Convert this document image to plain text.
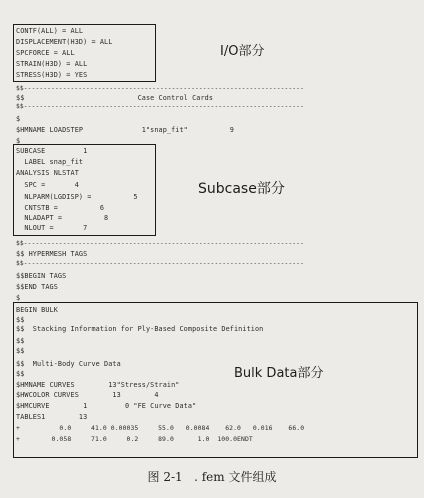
CONTF(ALL) = ALL
DISPLACEMENT(H3D) = ALL
SPCFORCE = ALL
STRAIN(H3D) = ALL
STRESS(H3D) = YES
I/O部分
$$------------------------------------------------------------------------
$$                           Case Control Cards
$$------------------------------------------------------------------------
$
$HMNAME LOADSTEP              1"snap_fit"          9
$
SUBCASE         1
LABEL snap_fit
ANALYSIS NLSTAT
SPC =       4
NLPARM(LGDISP) =          5
CNTSTB =          6
NLADAPT =          8
NLOUT =       7
Subcase部分
$$------------------------------------------------------------------------
$$ HYPERMESH TAGS
$$------------------------------------------------------------------------
$$BEGIN TAGS
$$END TAGS
$
BEGIN BULK
$$
$$  Stacking Information for Ply-Based Composite Definition
$$
$$
$$  Multi-Body Curve Data
$$
$HMNAME CURVES        13"Stress/Strain"
$HWCOLOR CURVES        13        4
$HMCURVE        1         0 "FE Curve Data"
TABLES1        13
+          0.0     41.0 0.00035     55.0   0.0084    62.0   0.016    66.0
+        0.058     71.0     0.2     89.0      1.0  100.0ENDT
Bulk Data部分
图 2-1   . fem 文件组成
